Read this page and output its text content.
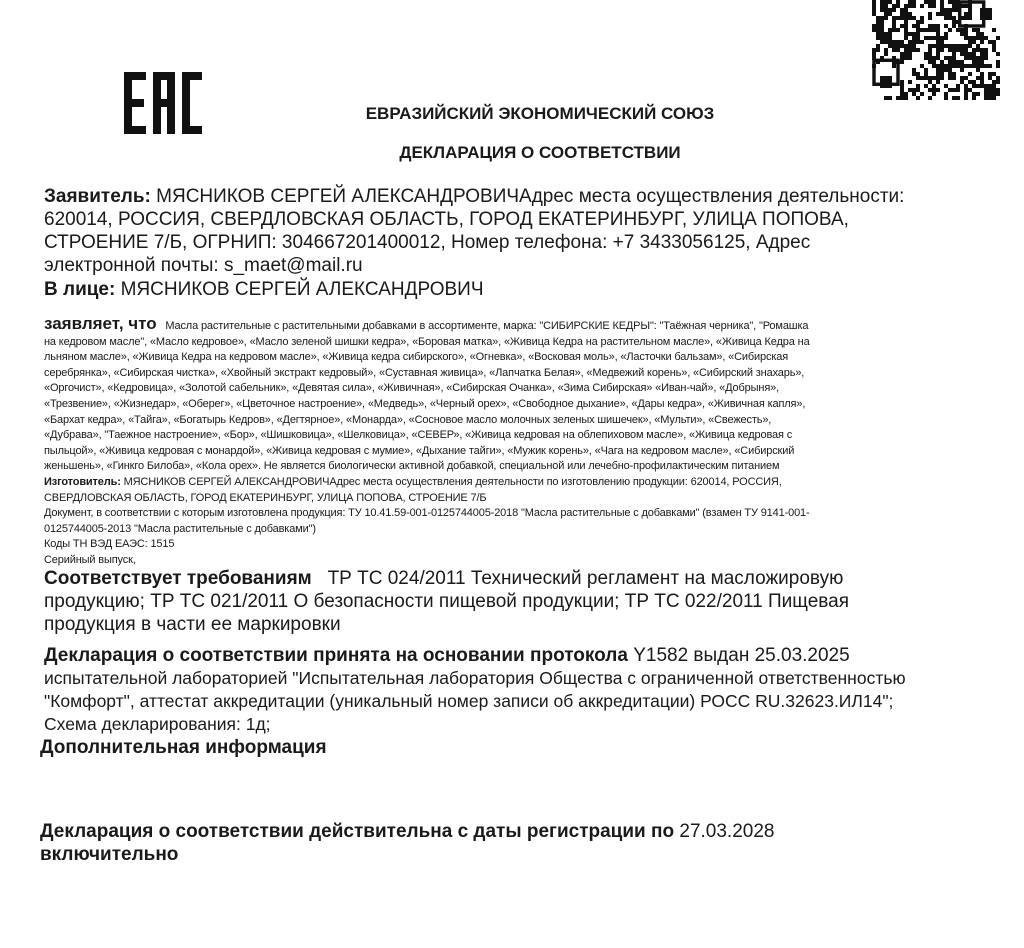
ЕВРАЗИЙСКИЙ ЭКОНОМИЧЕСКИЙ СОЮЗ
ДЕКЛАРАЦИЯ О СООТВЕТСТВИИ
Заявитель: МЯСНИКОВ СЕРГЕЙ АЛЕКСАНДРОВИЧАдрес места осуществления деятельности:
620014, РОССИЯ, СВЕРДЛОВСКАЯ ОБЛАСТЬ, ГОРОД ЕКАТЕРИНБУРГ, УЛИЦА ПОПОВА,
СТРОЕНИЕ 7/Б, ОГРНИП: 304667201400012, Номер телефона: +7 3433056125, Адрес
электронной почты: s_maet@mail.ru
В лице: МЯСНИКОВ СЕРГЕЙ АЛЕКСАНДРОВИЧ
заявляет, что Масла растительные с растительными добавками в ассортименте, марка: "СИБИРСКИЕ КЕДРЫ": "Таёжная черника", "Ромашка
на кедровом масле", «Масло кедровое», «Масло зеленой шишки кедра», «Боровая матка», «Живица Кедра на растительном масле», «Живица Кедра на
льняном масле», «Живица Кедра на кедровом масле», «Живица кедра сибирского», «Огневка», «Восковая моль», «Ласточки бальзам», «Сибирская
серебрянка», «Сибирская чистка», «Хвойный экстракт кедровый», «Суставная живица», «Лапчатка Белая», «Медвежий корень», «Сибирский знахарь»,
«Оргочист», «Кедровица», «Золотой сабельник», «Девятая сила», «Живичная», «Сибирская Очанка», «Зима Сибирская» «Иван-чай», «Добрыня»,
«Трезвение», «Жизнедар», «Оберег», «Цветочное настроение», «Медведь», «Черный орех», «Свободное дыхание», «Дары кедра», «Живичная капля»,
«Бархат кедра», «Тайга», «Богатырь Кедров», «Дегтярное», «Монарда», «Сосновое масло молочных зеленых шишечек», «Мульти», «Свежесть»,
«Дубрава», "Таежное настроение», «Бор», «Шишковица», «Шелковица», «СЕВЕР», «Живица кедровая на облепиховом масле», «Живица кедровая с
пыльцой», «Живица кедровая с монардой», «Живица кедровая с мумие», «Дыхание тайги», «Мужик корень», «Чага на кедровом масле», «Сибирский
женьшень», «Гинкго Билоба», «Кола орех». Не является биологически активной добавкой, специальной или лечебно-профилактическим питанием
Изготовитель: МЯСНИКОВ СЕРГЕЙ АЛЕКСАНДРОВИЧАдрес места осуществления деятельности по изготовлению продукции: 620014, РОССИЯ,
СВЕРДЛОВСКАЯ ОБЛАСТЬ, ГОРОД ЕКАТЕРИНБУРГ, УЛИЦА ПОПОВА, СТРОЕНИЕ 7/Б
Документ, в соответствии с которым изготовлена продукция: ТУ 10.41.59-001-0125744005-2018 "Масла растительные с добавками" (взамен ТУ 9141-001-
0125744005-2013 "Масла растительные с добавками")
Коды ТН ВЭД ЕАЭС: 1515
Серийный выпуск,
Соответствует требованиям ТР ТС 024/2011 Технический регламент на масложировую
продукцию; ТР ТС 021/2011 О безопасности пищевой продукции; ТР ТС 022/2011 Пищевая
продукция в части ее маркировки
Декларация о соответствии принята на основании протокола Y1582 выдан 25.03.2025
испытательной лабораторией "Испытательная лаборатория Общества с ограниченной ответственностью
"Комфорт", аттестат аккредитации (уникальный номер записи об аккредитации) РОСС RU.32623.ИЛ14";
Схема декларирования: 1д;
Дополнительная информация
Декларация о соответствии действительна с даты регистрации по 27.03.2028
включительно
